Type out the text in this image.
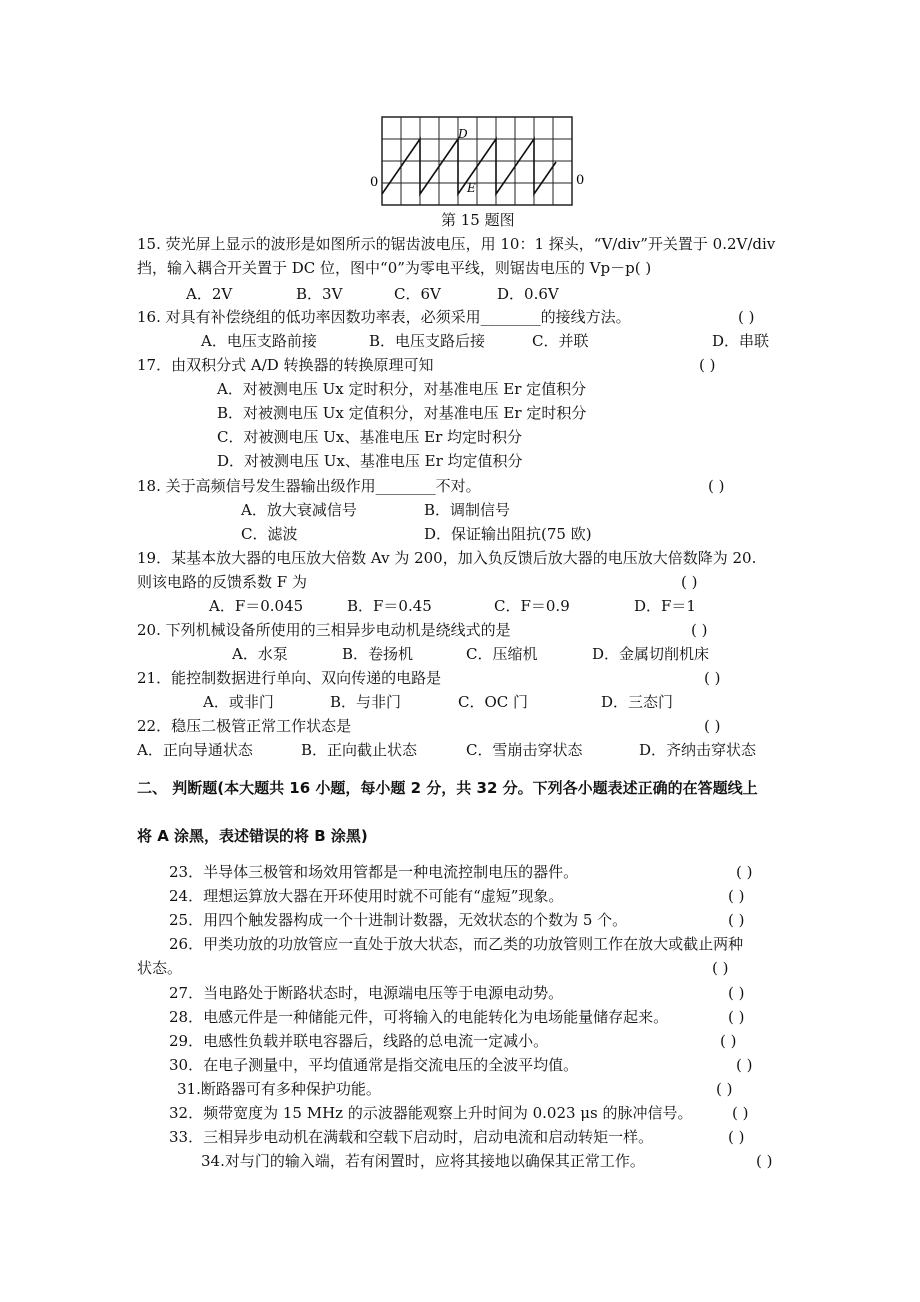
0	0
D
E
第 15 题图
15. 荧光屏上显示的波形是如图所示的锯齿波电压，用 10：1 探头，“V/div”开关置于 0.2V/div
挡，输入耦合开关置于 DC 位，图中“0”为零电平线，则锯齿电压的 Vp－p( )
A．2V	B．3V	C．6V	D．0.6V
16. 对具有补偿绕组的低功率因数功率表，必须采用________的接线方法。	( )
A．电压支路前接	B．电压支路后接	C．并联	D．串联
17．由双积分式 A/D 转换器的转换原理可知	( )
A．对被测电压 Ux 定时积分，对基准电压 Er 定值积分
B．对被测电压 Ux 定值积分，对基准电压 Er 定时积分
C．对被测电压 Ux、基准电压 Er 均定时积分
D．对被测电压 Ux、基准电压 Er 均定值积分
18. 关于高频信号发生器输出级作用________不对。	( )
A．放大衰减信号	B．调制信号
C．滤波	D．保证输出阻抗(75 欧)
19．某基本放大器的电压放大倍数 Av 为 200，加入负反馈后放大器的电压放大倍数降为 20.
则该电路的反馈系数 F 为	( )
A．F＝0.045	B．F＝0.45	C．F＝0.9	D．F＝1
20. 下列机械设备所使用的三相异步电动机是绕线式的是	( )
A．水泵	B．卷扬机	C．压缩机	D．金属切削机床
21．能控制数据进行单向、双向传递的电路是	( )
A．或非门	B．与非门	C．OC 门	D．三态门
22．稳压二极管正常工作状态是	( )
A．正向导通状态	B．正向截止状态	C．雪崩击穿状态	D．齐纳击穿状态
二、 判断题(本大题共 16 小题，每小题 2 分，共 32 分。下列各小题表述正确的在答题线上
将 A 涂黑，表述错误的将 B 涂黑)
23．半导体三极管和场效用管都是一种电流控制电压的器件。	( )
24．理想运算放大器在开环使用时就不可能有“虚短”现象。	( )
25．用四个触发器构成一个十进制计数器，无效状态的个数为 5 个。	( )
26．甲类功放的功放管应一直处于放大状态，而乙类的功放管则工作在放大或截止两种
状态。	( )
27．当电路处于断路状态时，电源端电压等于电源电动势。	( )
28．电感元件是一种储能元件，可将输入的电能转化为电场能量储存起来。	( )
29．电感性负载并联电容器后，线路的总电流一定减小。	( )
30．在电子测量中，平均值通常是指交流电压的全波平均值。	( )
31.断路器可有多种保护功能。	( )
32．频带宽度为 15 MHz 的示波器能观察上升时间为 0.023 μs 的脉冲信号。	( )
33．三相异步电动机在满载和空载下启动时，启动电流和启动转矩一样。	( )
34.对与门的输入端，若有闲置时，应将其接地以确保其正常工作。	( )
